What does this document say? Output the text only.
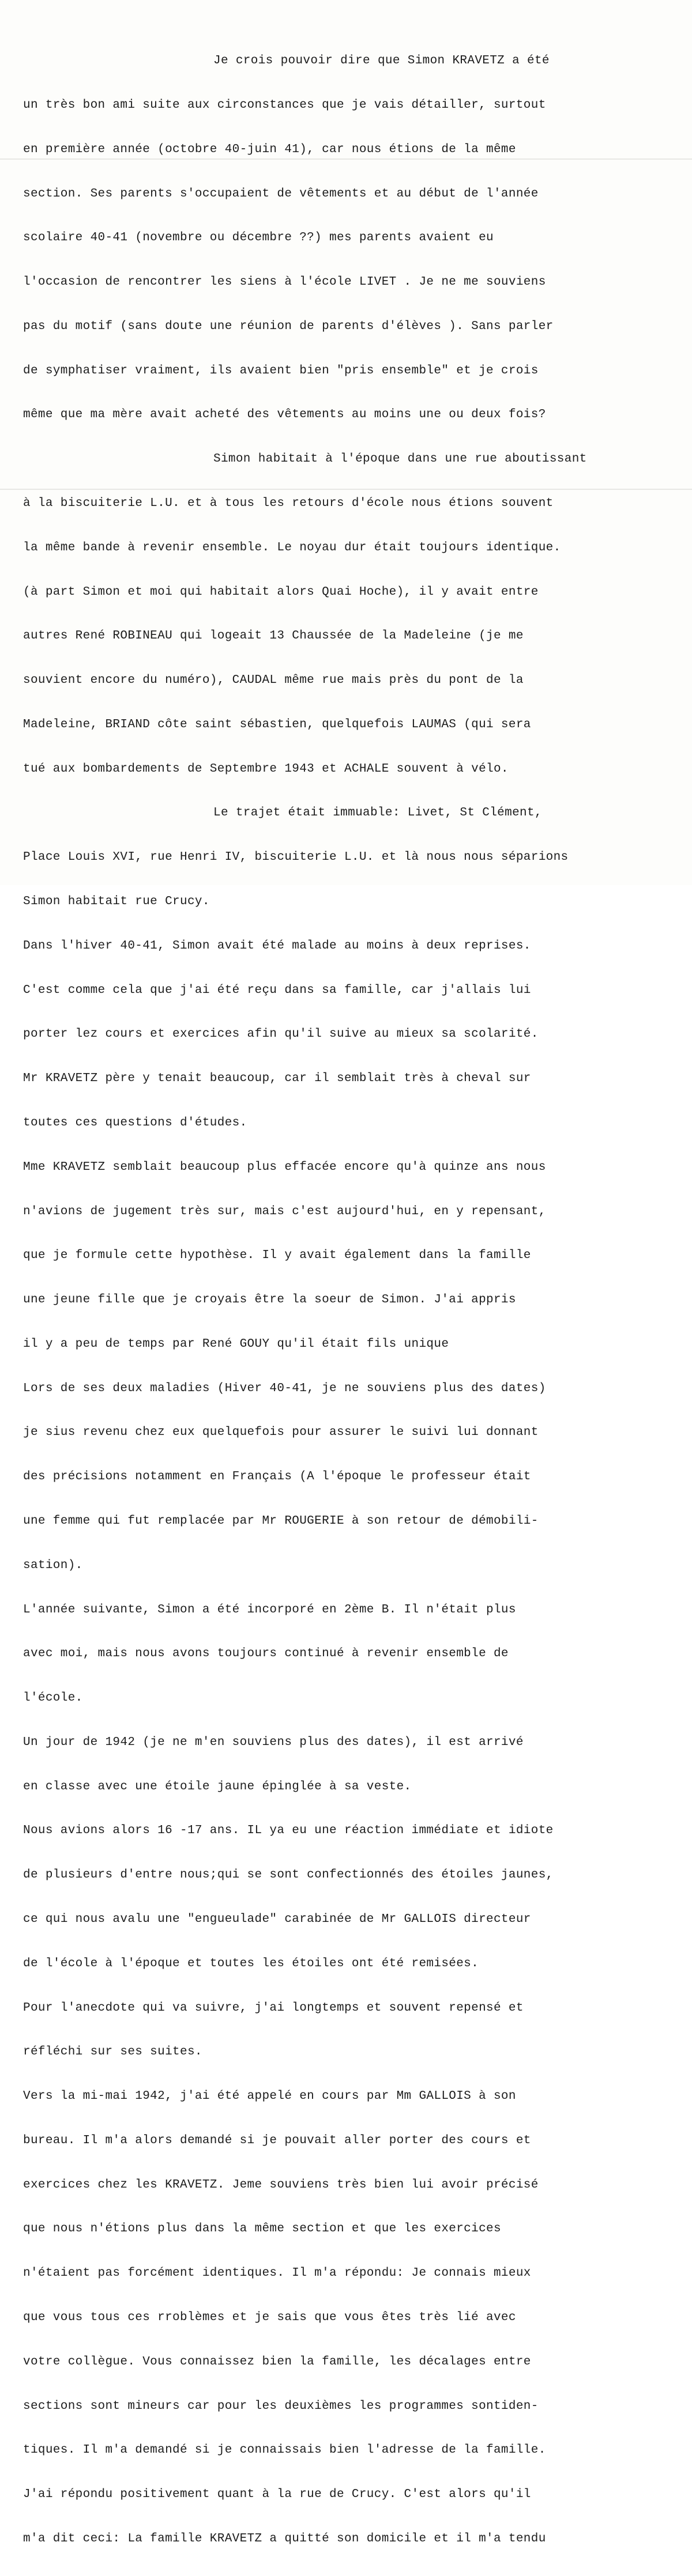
Je crois pouvoir dire que Simon KRAVETZ a été

un très bon ami suite aux circonstances que je vais détailler, surtout

en première année (octobre 40-juin 41), car nous étions de la même

section. Ses parents s'occupaient de vêtements et au début de l'année

scolaire 40-41 (novembre ou décembre ??) mes parents avaient eu

l'occasion de rencontrer les siens à l'école LIVET . Je ne me souviens

pas du motif (sans doute une réunion de parents d'élèves ). Sans parler

de symphatiser vraiment, ils avaient bien "pris ensemble" et je crois

même que ma mère avait acheté des vêtements au moins une ou deux fois?

Simon habitait à l'époque dans une rue aboutissant

à la biscuiterie L.U. et à tous les retours d'école nous étions souvent

la même bande à revenir ensemble. Le noyau dur était toujours identique.

(à part Simon et moi qui habitait alors Quai Hoche), il y avait entre

autres René ROBINEAU qui logeait 13 Chaussée de la Madeleine (je me

souvient encore du numéro), CAUDAL même rue mais près du pont de la

Madeleine, BRIAND côte saint sébastien, quelquefois LAUMAS (qui sera

tué aux bombardements de Septembre 1943 et ACHALE souvent à vélo.

Le trajet était immuable: Livet, St Clément,

Place Louis XVI, rue Henri IV, biscuiterie L.U. et là nous nous séparions

Simon habitait rue Crucy.

Dans l'hiver 40-41, Simon avait été malade au moins à deux reprises.

C'est comme cela que j'ai été reçu dans sa famille, car j'allais lui

porter lez cours et exercices afin qu'il suive au mieux sa scolarité.

Mr KRAVETZ père y tenait beaucoup, car il semblait très à cheval sur

toutes ces questions d'études.

Mme KRAVETZ semblait beaucoup plus effacée encore qu'à quinze ans nous

n'avions de jugement très sur, mais c'est aujourd'hui, en y repensant,

que je formule cette hypothèse. Il y avait également dans la famille

une jeune fille que je croyais être la soeur de Simon. J'ai appris

il y a peu de temps par René GOUY qu'il était fils unique

Lors de ses deux maladies (Hiver 40-41, je ne souviens plus des dates)

je sius revenu chez eux quelquefois pour assurer le suivi lui donnant

des précisions notamment en Français (A l'époque le professeur était

une femme qui fut remplacée par Mr ROUGERIE à son retour de démobili-

sation).

L'année suivante, Simon a été incorporé en 2ème B. Il n'était plus

avec moi, mais nous avons toujours continué à revenir ensemble de

l'école.

Un jour de 1942 (je ne m'en souviens plus des dates), il est arrivé

en classe avec une étoile jaune épinglée à sa veste.

Nous avions alors 16 -17 ans. IL ya eu une réaction immédiate et idiote

de plusieurs d'entre nous;qui se sont confectionnés des étoiles jaunes,

ce qui nous avalu une "engueulade" carabinée de Mr GALLOIS directeur

de l'école à l'époque et toutes les étoiles ont été remisées.

Pour l'anecdote qui va suivre, j'ai longtemps et souvent repensé et

réfléchi sur ses suites.

Vers la mi-mai 1942, j'ai été appelé en cours par Mm GALLOIS à son

bureau. Il m'a alors demandé si je pouvait aller porter des cours et

exercices chez les KRAVETZ. Jeme souviens très bien lui avoir précisé

que nous n'étions plus dans la même section et que les exercices

n'étaient pas forcément identiques. Il m'a répondu: Je connais mieux

que vous tous ces rroblèmes et je sais que vous êtes très lié avec

votre collègue. Vous connaissez bien la famille, les décalages entre

sections sont mineurs car pour les deuxièmes les programmes sontiden-

tiques. Il m'a demandé si je connaissais bien l'adresse de la famille.

J'ai répondu positivement quant à la rue de Crucy. C'est alors qu'il

m'a dit ceci: La famille KRAVETZ a quitté son domicile et il m'a tendu
